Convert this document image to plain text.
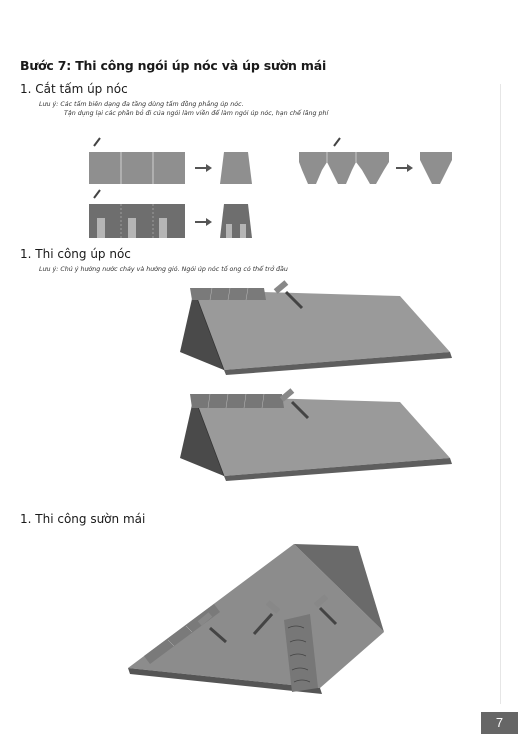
Bước 7: Thi công ngói úp nóc và úp sườn mái
1. Cắt tấm úp nóc
Lưu ý: Các tấm biên dạng đa tầng dùng tấm đồng phẳng úp nóc.
Tận dụng lại các phần bỏ đi của ngói làm viền để làm ngói úp nóc, hạn chế lãng phí
1. Thi công úp nóc
Lưu ý: Chú ý hướng nước chảy và hướng gió. Ngói úp nóc tố ong có thể trở đầu
1. Thi công sườn mái
7
